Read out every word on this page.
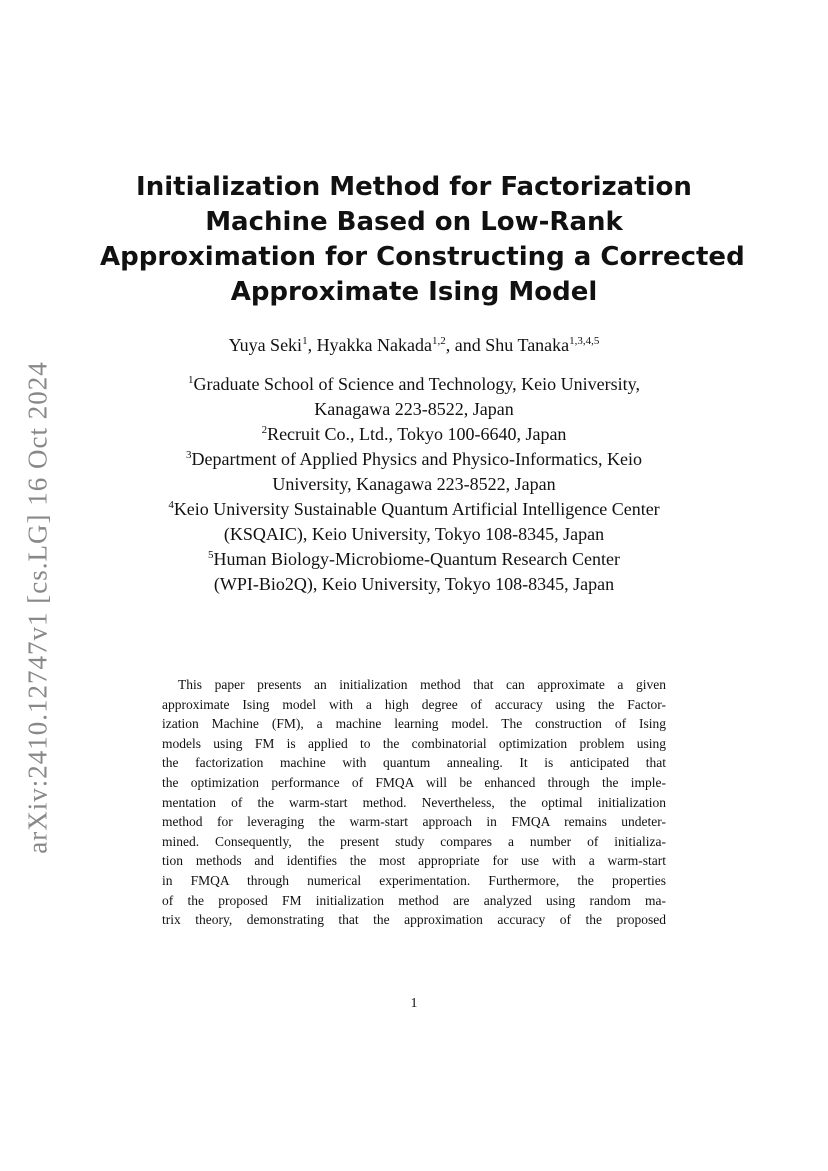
arXiv:2410.12747v1 [cs.LG] 16 Oct 2024
Initialization Method for Factorization
Machine Based on Low-Rank
Approximation for Constructing a Corrected
Approximate Ising Model
Yuya Seki$^1$, Hyakka Nakada$^{1,2}$, and Shu Tanaka$^{1,3,4,5}$
$^1$Graduate School of Science and Technology, Keio University,
Kanagawa 223-8522, Japan
$^2$Recruit Co., Ltd., Tokyo 100-6640, Japan
$^3$Department of Applied Physics and Physico-Informatics, Keio
University, Kanagawa 223-8522, Japan
$^4$Keio University Sustainable Quantum Artificial Intelligence Center
(KSQAIC), Keio University, Tokyo 108-8345, Japan
$^5$Human Biology-Microbiome-Quantum Research Center
(WPI-Bio2Q), Keio University, Tokyo 108-8345, Japan
This paper presents an initialization method that can approximate a given
approximate Ising model with a high degree of accuracy using the Factor-
ization Machine (FM), a machine learning model. The construction of Ising
models using FM is applied to the combinatorial optimization problem using
the factorization machine with quantum annealing. It is anticipated that
the optimization performance of FMQA will be enhanced through the imple-
mentation of the warm-start method. Nevertheless, the optimal initialization
method for leveraging the warm-start approach in FMQA remains undeter-
mined. Consequently, the present study compares a number of initializa-
tion methods and identifies the most appropriate for use with a warm-start
in FMQA through numerical experimentation. Furthermore, the properties
of the proposed FM initialization method are analyzed using random ma-
trix theory, demonstrating that the approximation accuracy of the proposed
1
